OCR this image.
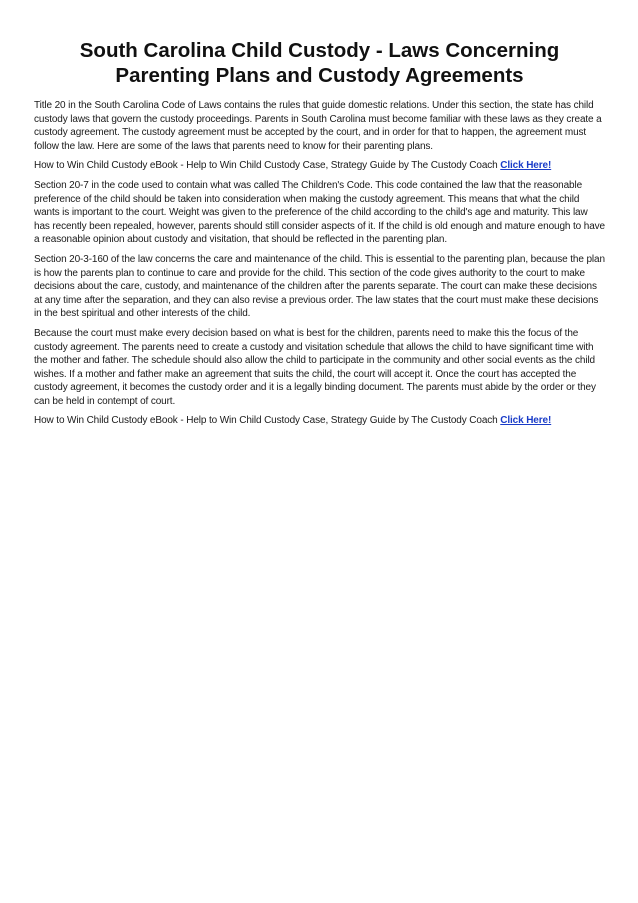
South Carolina Child Custody - Laws Concerning Parenting Plans and Custody Agreements

Title 20 in the South Carolina Code of Laws contains the rules that guide domestic relations. Under this section, the state has child custody laws that govern the custody proceedings. Parents in South Carolina must become familiar with these laws as they create a custody agreement. The custody agreement must be accepted by the court, and in order for that to happen, the agreement must follow the law. Here are some of the laws that parents need to know for their parenting plans.

How to Win Child Custody eBook - Help to Win Child Custody Case, Strategy Guide by The Custody Coach Click Here!

Section 20-7 in the code used to contain what was called The Children's Code. This code contained the law that the reasonable preference of the child should be taken into consideration when making the custody agreement. This means that what the child wants is important to the court. Weight was given to the preference of the child according to the child's age and maturity. This law has recently been repealed, however, parents should still consider aspects of it. If the child is old enough and mature enough to have a reasonable opinion about custody and visitation, that should be reflected in the parenting plan.

Section 20-3-160 of the law concerns the care and maintenance of the child. This is essential to the parenting plan, because the plan is how the parents plan to continue to care and provide for the child. This section of the code gives authority to the court to make decisions about the care, custody, and maintenance of the children after the parents separate. The court can make these decisions at any time after the separation, and they can also revise a previous order. The law states that the court must make these decisions in the best spiritual and other interests of the child.

Because the court must make every decision based on what is best for the children, parents need to make this the focus of the custody agreement. The parents need to create a custody and visitation schedule that allows the child to have significant time with the mother and father. The schedule should also allow the child to participate in the community and other social events as the child wishes. If a mother and father make an agreement that suits the child, the court will accept it. Once the court has accepted the custody agreement, it becomes the custody order and it is a legally binding document. The parents must abide by the order or they can be held in contempt of court.

How to Win Child Custody eBook - Help to Win Child Custody Case, Strategy Guide by The Custody Coach Click Here!
